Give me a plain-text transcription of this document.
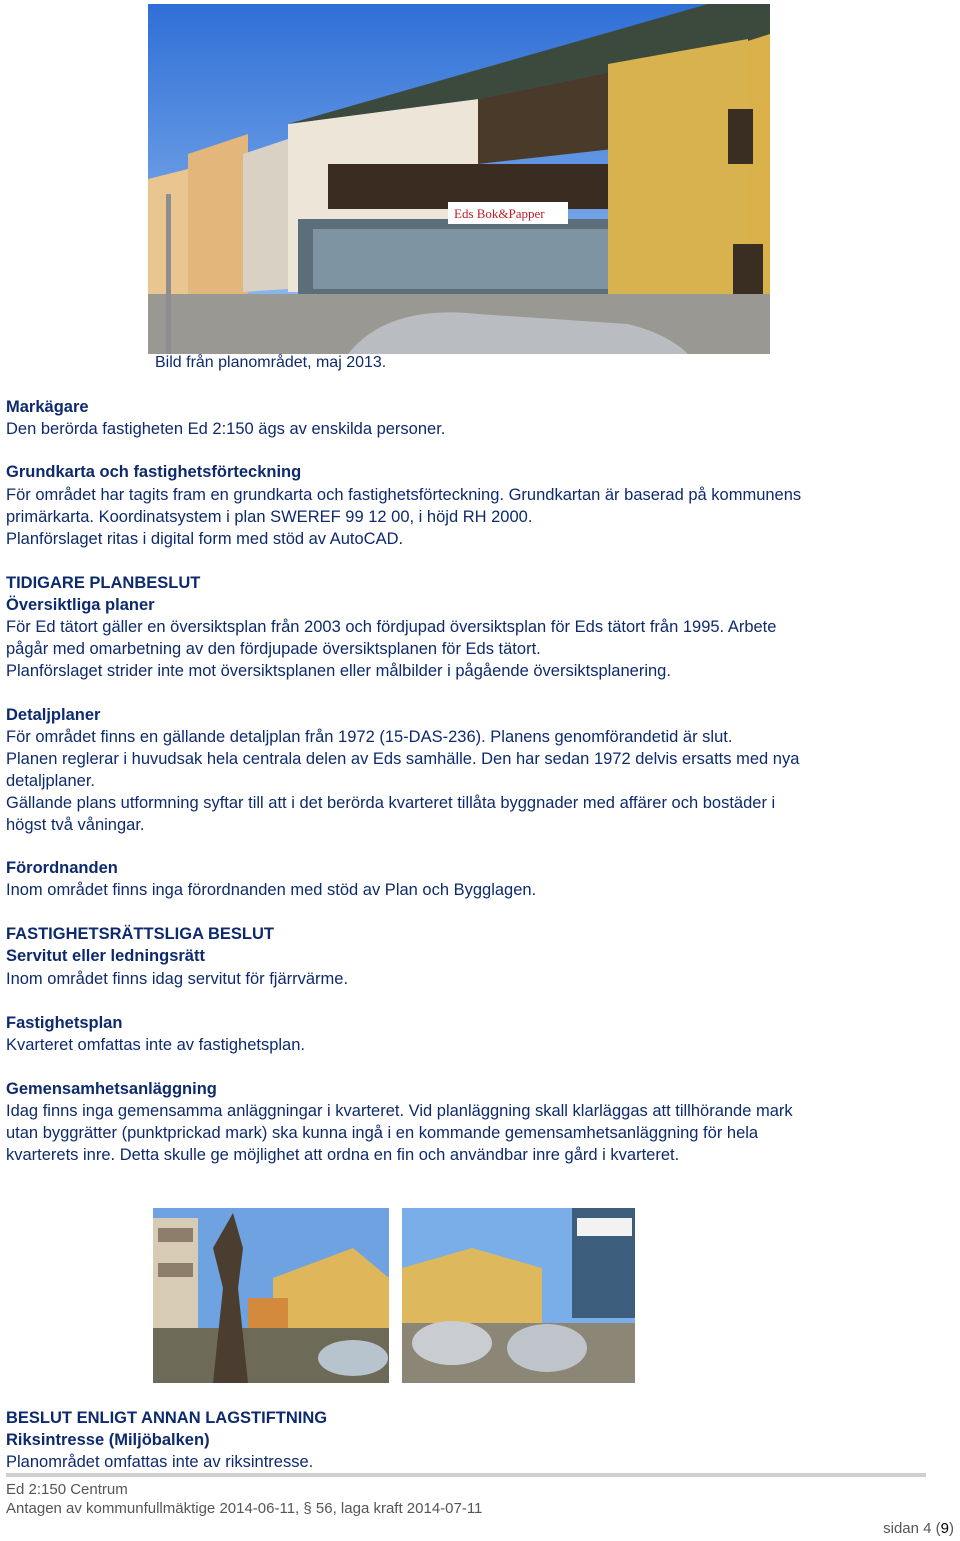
Eds Bok&Papper
Bild från planområdet, maj 2013.

Markägare

Den berörda fastigheten Ed 2:150 ägs av enskilda personer.

Grundkarta och fastighetsförteckning

För området har tagits fram en grundkarta och fastighetsförteckning. Grundkartan är baserad på kommunens

primärkarta. Koordinatsystem i plan SWEREF 99 12 00, i höjd RH 2000.

Planförslaget ritas i digital form med stöd av AutoCAD.

TIDIGARE PLANBESLUT

Översiktliga planer

För Ed tätort gäller en översiktsplan från 2003 och fördjupad översiktsplan för Eds tätort från 1995. Arbete

pågår med omarbetning av den fördjupade översiktsplanen för Eds tätort.

Planförslaget strider inte mot översiktsplanen eller målbilder i pågående översiktsplanering.

Detaljplaner

För området finns en gällande detaljplan från 1972 (15-DAS-236). Planens genomförandetid är slut.

Planen reglerar i huvudsak hela centrala delen av Eds samhälle. Den har sedan 1972 delvis ersatts med nya

detaljplaner.

Gällande plans utformning syftar till att i det berörda kvarteret tillåta byggnader med affärer och bostäder i

högst två våningar.

Förordnanden

Inom området finns inga förordnanden med stöd av Plan och Bygglagen.

FASTIGHETSRÄTTSLIGA BESLUT

Servitut eller ledningsrätt

Inom området finns idag servitut för fjärrvärme.

Fastighetsplan

Kvarteret omfattas inte av fastighetsplan.

Gemensamhetsanläggning

Idag finns inga gemensamma anläggningar i kvarteret. Vid planläggning skall klarläggas att tillhörande mark

utan byggrätter (punktprickad mark) ska kunna ingå i en kommande gemensamhetsanläggning för hela

kvarterets inre. Detta skulle ge möjlighet att ordna en fin och användbar inre gård i kvarteret.

BESLUT ENLIGT ANNAN LAGSTIFTNING

Riksintresse (Miljöbalken)

Planområdet omfattas inte av riksintresse.

Ed 2:150 Centrum
Antagen av kommunfullmäktige 2014-06-11, § 56, laga kraft 2014-07-11
sidan 4 (9)
